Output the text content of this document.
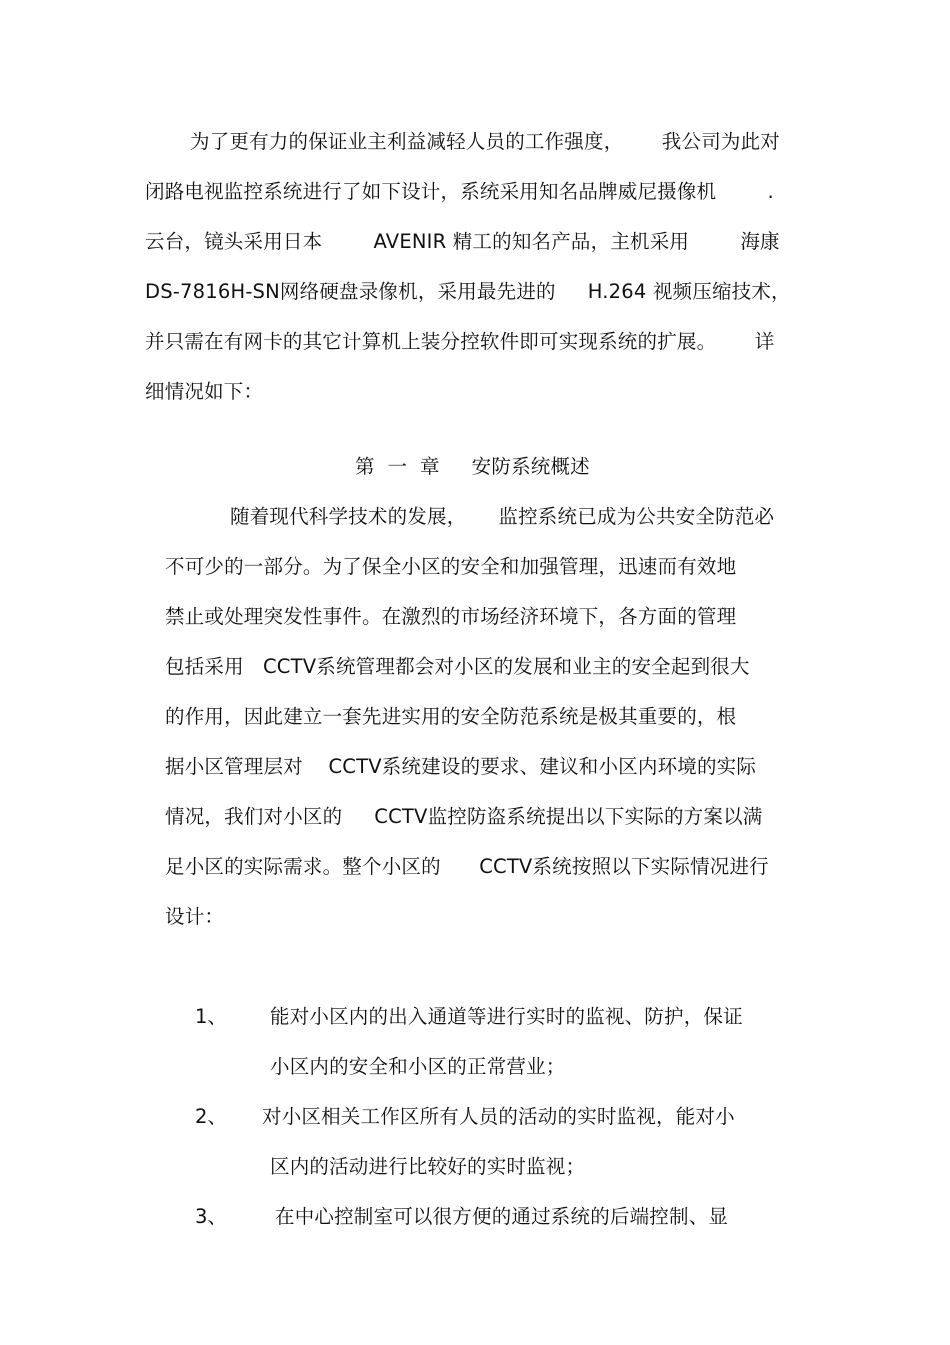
为了更有力的保证业主利益减轻人员的工作强度，      我公司为此对
闭路电视监控系统进行了如下设计，系统采用知名品牌威尼摄像机        .
云台，镜头采用日本        AVENIR 精工的知名产品，主机采用        海康
DS-7816H-SN网络硬盘录像机，采用最先进的     H.264 视频压缩技术，
并只需在有网卡的其它计算机上装分控软件即可实现系统的扩展。      详
细情况如下：
第  一  章     安防系统概述
随着现代科学技术的发展，     监控系统已成为公共安全防范必
不可少的一部分。为了保全小区的安全和加强管理，迅速而有效地
禁止或处理突发性事件。在激烈的市场经济环境下，各方面的管理
包括采用   CCTV系统管理都会对小区的发展和业主的安全起到很大
的作用，因此建立一套先进实用的安全防范系统是极其重要的，根
据小区管理层对    CCTV系统建设的要求、建议和小区内环境的实际
情况，我们对小区的     CCTV监控防盗系统提出以下实际的方案以满
足小区的实际需求。整个小区的      CCTV系统按照以下实际情况进行
设计：
1、 能对小区内的出入通道等进行实时的监视、防护，保证
小区内的安全和小区的正常营业；
2、 对小区相关工作区所有人员的活动的实时监视，能对小
区内的活动进行比较好的实时监视；
3、 在中心控制室可以很方便的通过系统的后端控制、显
